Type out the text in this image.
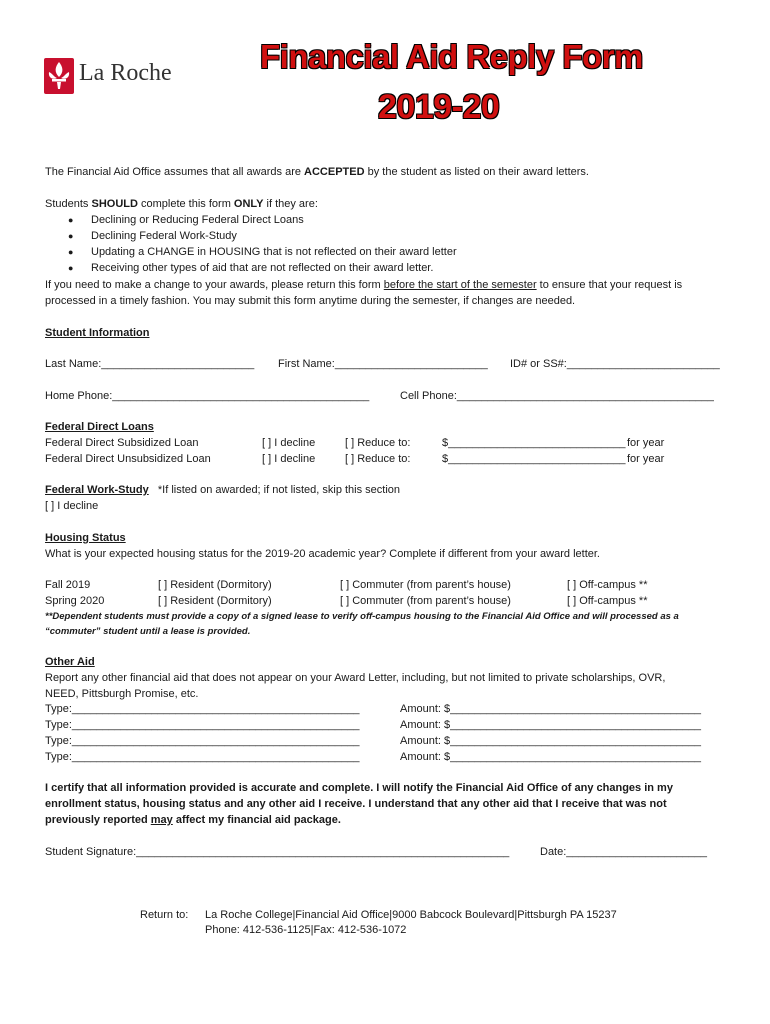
La Roche	Financial Aid Reply Form
2019-20
The Financial Aid Office assumes that all awards are ACCEPTED by the student as listed on their award letters.
Students SHOULD complete this form ONLY if they are:
● Declining or Reducing Federal Direct Loans
● Declining Federal Work-Study
● Updating a CHANGE in HOUSING that is not reflected on their award letter
● Receiving other types of aid that are not reflected on their award letter.
If you need to make a change to your awards, please return this form before the start of the semester to ensure that your request is
processed in a timely fashion. You may submit this form anytime during the semester, if changes are needed.
Student Information
Last Name:_________________________ First Name:_________________________ ID# or SS#:_________________________
Home Phone:__________________________________________	Cell Phone:__________________________________________
Federal Direct Loans
Federal Direct Subsidized Loan	[ ] I decline	[ ] Reduce to:	$_____________________________ for year
Federal Direct Unsubsidized Loan	[ ] I decline	[ ] Reduce to:	$_____________________________ for year
Federal Work-Study *If listed on awarded; if not listed, skip this section
[ ] I decline
Housing Status
What is your expected housing status for the 2019-20 academic year? Complete if different from your award letter.
Fall 2019	[ ] Resident (Dormitory)	[ ] Commuter (from parent’s house)	[ ] Off-campus **
Spring 2020	[ ] Resident (Dormitory)	[ ] Commuter (from parent’s house)	[ ] Off-campus **
**Dependent students must provide a copy of a signed lease to verify off-campus housing to the Financial Aid Office and will processed as a
“commuter” student until a lease is provided.
Other Aid
Report any other financial aid that does not appear on your Award Letter, including, but not limited to private scholarships, OVR,
NEED, Pittsburgh Promise, etc.
Type:_______________________________________________	Amount: $_________________________________________
Type:_______________________________________________	Amount: $_________________________________________
Type:_______________________________________________	Amount: $_________________________________________
Type:_______________________________________________	Amount: $_________________________________________
I certify that all information provided is accurate and complete. I will notify the Financial Aid Office of any changes in my
enrollment status, housing status and any other aid I receive. I understand that any other aid that I receive that was not
previously reported may affect my financial aid package.
Student Signature:_____________________________________________________________	Date:_______________________
Return to: La Roche College|Financial Aid Office|9000 Babcock Boulevard|Pittsburgh PA 15237
Phone: 412-536-1125|Fax: 412-536-1072
